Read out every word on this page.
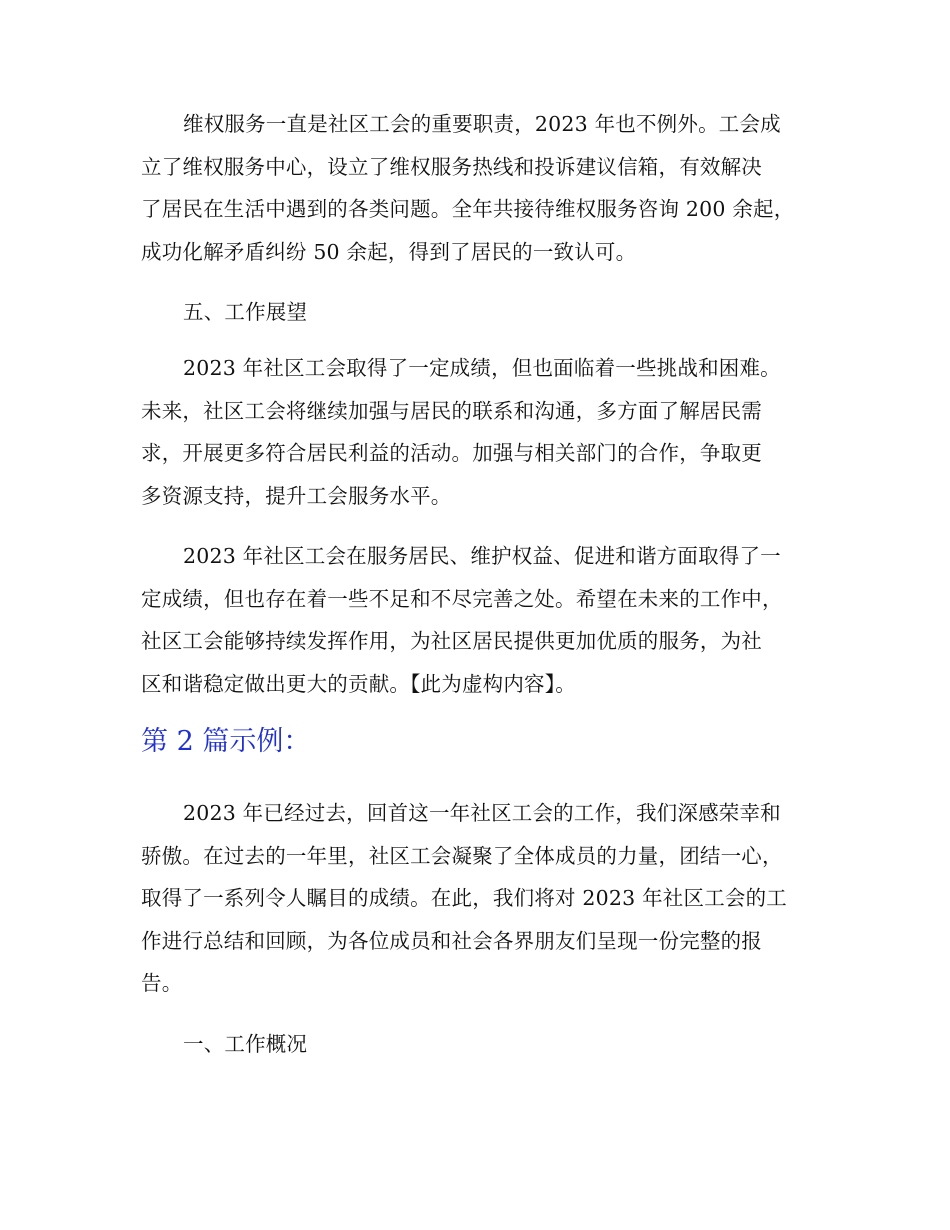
维权服务一直是社区工会的重要职责，2023 年也不例外。工会成
立了维权服务中心，设立了维权服务热线和投诉建议信箱，有效解决
了居民在生活中遇到的各类问题。全年共接待维权服务咨询 200 余起，
成功化解矛盾纠纷 50 余起，得到了居民的一致认可。

五、工作展望

2023 年社区工会取得了一定成绩，但也面临着一些挑战和困难。
未来，社区工会将继续加强与居民的联系和沟通，多方面了解居民需
求，开展更多符合居民利益的活动。加强与相关部门的合作，争取更
多资源支持，提升工会服务水平。

2023 年社区工会在服务居民、维护权益、促进和谐方面取得了一
定成绩，但也存在着一些不足和不尽完善之处。希望在未来的工作中，
社区工会能够持续发挥作用，为社区居民提供更加优质的服务，为社
区和谐稳定做出更大的贡献。【此为虚构内容】。

第 2 篇示例：

2023 年已经过去，回首这一年社区工会的工作，我们深感荣幸和
骄傲。在过去的一年里，社区工会凝聚了全体成员的力量，团结一心，
取得了一系列令人瞩目的成绩。在此，我们将对 2023 年社区工会的工
作进行总结和回顾，为各位成员和社会各界朋友们呈现一份完整的报
告。

一、工作概况
